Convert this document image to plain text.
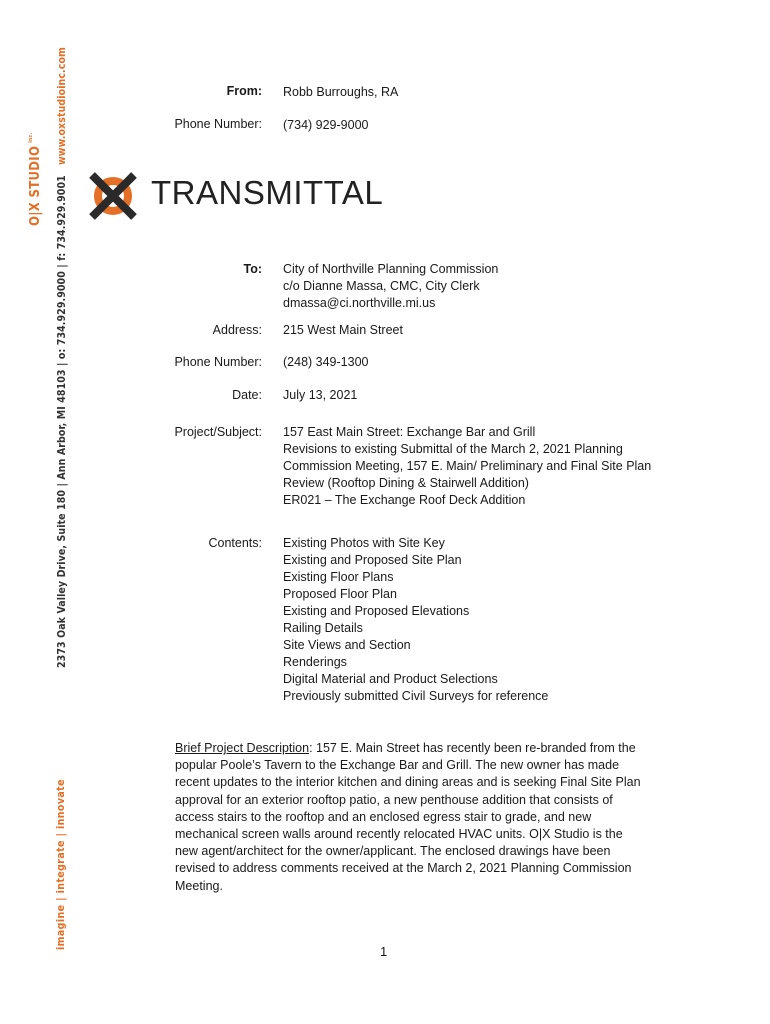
2373 Oak Valley Drive, Suite 180 | Ann Arbor, MI 48103 | o: 734.929.9000 | f: 734.929.9001   www.oxstudioinc.com
O|X $STUDIO^{inc.}$
imagine | integrate | innovate
From: Robb Burroughs, RA
Phone Number: (734) 929-9000
TRANSMITTAL
To: City of Northville Planning Commission
c/o Dianne Massa, CMC, City Clerk
dmassa@ci.northville.mi.us
Address: 215 West Main Street
Phone Number: (248) 349-1300
Date: July 13, 2021
Project/Subject: 157 East Main Street: Exchange Bar and Grill
Revisions to existing Submittal of the March 2, 2021 Planning
Commission Meeting, 157 E. Main/ Preliminary and Final Site Plan
Review (Rooftop Dining & Stairwell Addition)
ER021 – The Exchange Roof Deck Addition
Contents: Existing Photos with Site Key
Existing and Proposed Site Plan
Existing Floor Plans
Proposed Floor Plan
Existing and Proposed Elevations
Railing Details
Site Views and Section
Renderings
Digital Material and Product Selections
Previously submitted Civil Surveys for reference
Brief Project Description: 157 E. Main Street has recently been re-branded from the popular Poole’s Tavern to the Exchange Bar and Grill. The new owner has made recent updates to the interior kitchen and dining areas and is seeking Final Site Plan approval for an exterior rooftop patio, a new penthouse addition that consists of access stairs to the rooftop and an enclosed egress stair to grade, and new mechanical screen walls around recently relocated HVAC units. O|X Studio is the new agent/architect for the owner/applicant. The enclosed drawings have been revised to address comments received at the March 2, 2021 Planning Commission Meeting.
1
